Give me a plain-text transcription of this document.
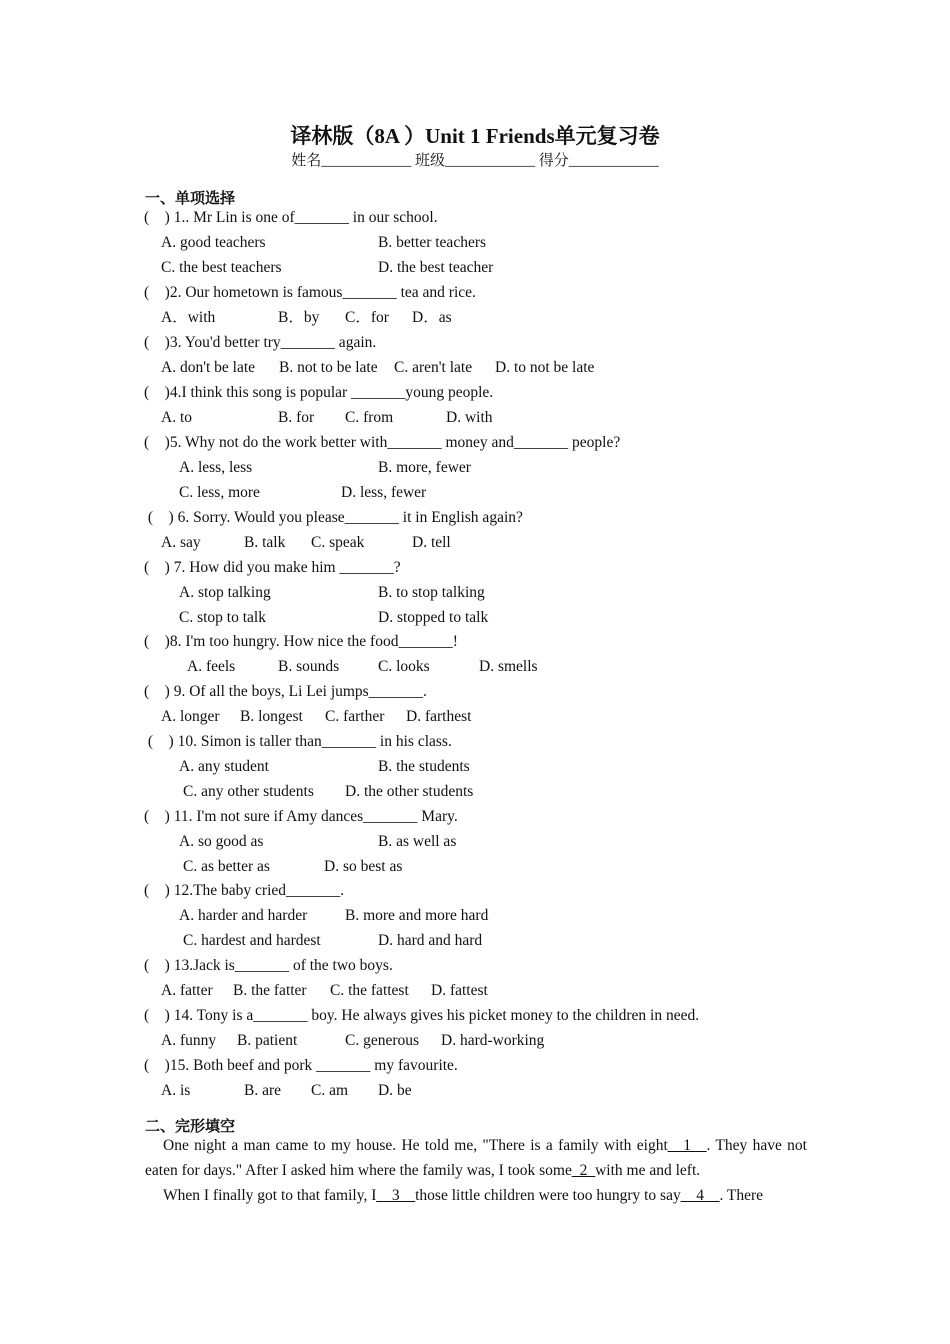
译林版（8A ）Unit 1 Friends单元复习卷
姓名____________ 班级____________ 得分____________
一、单项选择
(    ) 1.. Mr Lin is one of_______ in our school.
A. good teachers	B. better teachers
C. the best teachers	D. the best teacher
(    )2. Our hometown is famous_______ tea and rice.
A．with	B．by C．for D．as
(    )3. You'd better try_______ again.
A. don't be late B. not to be late C. aren't late D. to not be late
(    )4.I think this song is popular _______young people.
A. to	B. for C. from	D. with
(    )5. Why not do the work better with_______ money and_______ people?
A. less, less	B. more, fewer
C. less, more	D. less, fewer
(    ) 6. Sorry. Would you please_______ it in English again?
A. say	B. talk C. speak	D. tell
(    ) 7. How did you make him _______?
A. stop talking	B. to stop talking
C. stop to talk	D. stopped to talk
(    )8. I'm too hungry. How nice the food_______!
A. feels	B. sounds	C. looks	D. smells
(    ) 9. Of all the boys, Li Lei jumps_______.
A. longer B. longest C. farther D. farthest
(    ) 10. Simon is taller than_______ in his class.
A. any student	B. the students
C. any other students D. the other students
(    ) 11. I'm not sure if Amy dances_______ Mary.
A. so good as	B. as well as
C. as better as	D. so best as
(    ) 12.The baby cried_______.
A. harder and harder B. more and more hard
C. hardest and hardest	D. hard and hard
(    ) 13.Jack is_______ of the two boys.
A. fatter B. the fatter C. the fattest D. fattest
(    ) 14. Tony is a_______ boy. He always gives his picket money to the children in need.
A. funny B. patient	C. generous D. hard-working
(    )15. Both beef and pork _______ my favourite.
A. is	B. are C. am D. be
二、完形填空

One night a man came to my house. He told me, "There is a family with eight__1__. They have not eaten for days." After I asked him where the family was, I took some_2_with me and left.

When I finally got to that family, I__3__those little children were too hungry to say__4__. There
